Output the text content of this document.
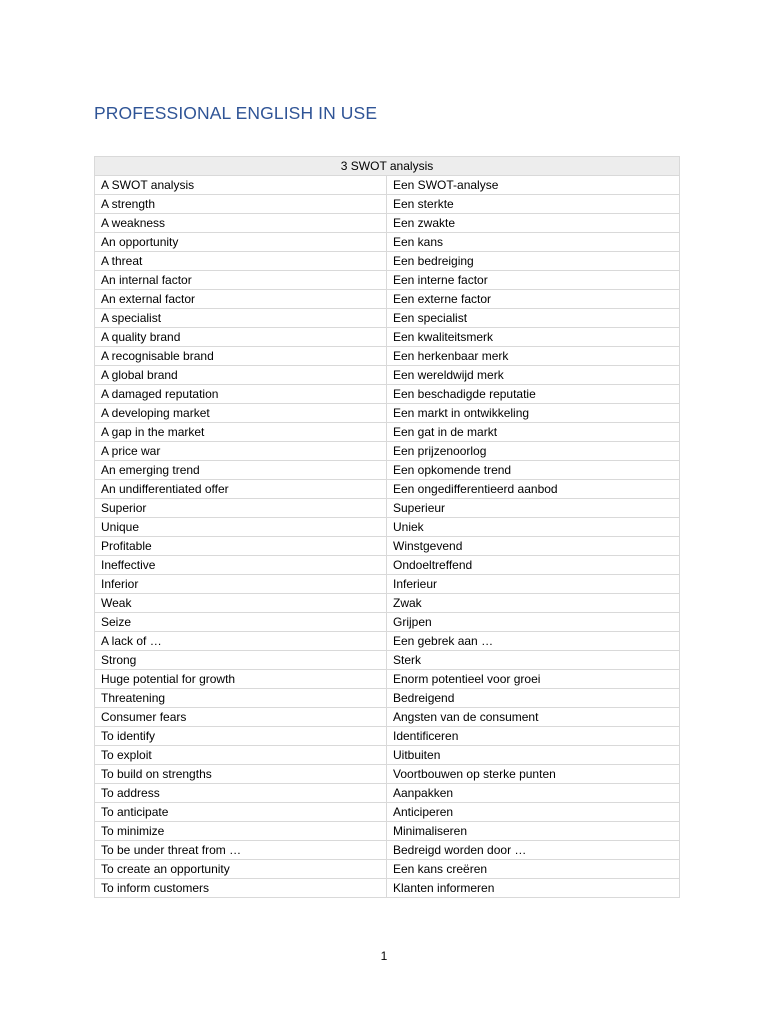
PROFESSIONAL ENGLISH IN USE
3 SWOT analysis	
A SWOT analysis	Een SWOT-analyse
A strength	Een sterkte
A weakness	Een zwakte
An opportunity	Een kans
A threat	Een bedreiging
An internal factor	Een interne factor
An external factor	Een externe factor
A specialist	Een specialist
A quality brand	Een kwaliteitsmerk
A recognisable brand	Een herkenbaar merk
A global brand	Een wereldwijd merk
A damaged reputation	Een beschadigde reputatie
A developing market	Een markt in ontwikkeling
A gap in the market	Een gat in de markt
A price war	Een prijzenoorlog
An emerging trend	Een opkomende trend
An undifferentiated offer	Een ongedifferentieerd aanbod
Superior	Superieur
Unique	Uniek
Profitable	Winstgevend
Ineffective	Ondoeltreffend
Inferior	Inferieur
Weak	Zwak
Seize	Grijpen
A lack of …	Een gebrek aan …
Strong	Sterk
Huge potential for growth	Enorm potentieel voor groei
Threatening	Bedreigend
Consumer fears	Angsten van de consument
To identify	Identificeren
To exploit	Uitbuiten
To build on strengths	Voortbouwen op sterke punten
To address	Aanpakken
To anticipate	Anticiperen
To minimize	Minimaliseren
To be under threat from …	Bedreigd worden door …
To create an opportunity	Een kans creëren
To inform customers	Klanten informeren
1
